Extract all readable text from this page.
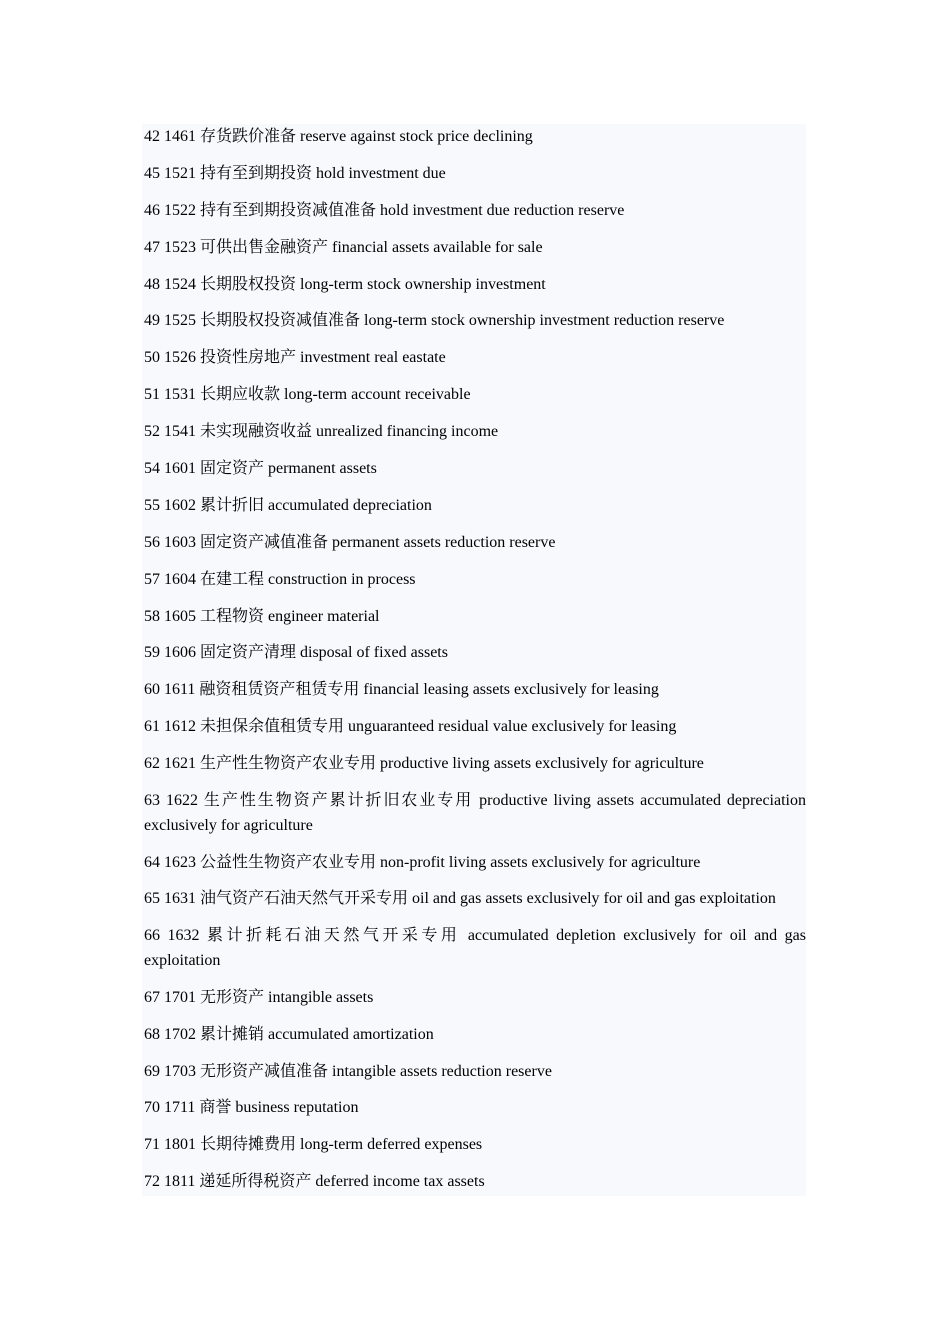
42 1461 存货跌价准备 reserve against stock price declining

45 1521 持有至到期投资 hold investment due

46 1522 持有至到期投资减值准备 hold investment due reduction reserve

47 1523 可供出售金融资产 financial assets available for sale

48 1524 长期股权投资 long-term stock ownership investment

49 1525 长期股权投资减值准备 long-term stock ownership investment reduction reserve

50 1526 投资性房地产 investment real eastate

51 1531 长期应收款 long-term account receivable

52 1541 未实现融资收益 unrealized financing income

54 1601 固定资产 permanent assets

55 1602 累计折旧 accumulated depreciation

56 1603 固定资产减值准备 permanent assets reduction reserve

57 1604 在建工程 construction in process

58 1605 工程物资 engineer material

59 1606 固定资产清理 disposal of fixed assets

60 1611 融资租赁资产租赁专用 financial leasing assets exclusively for leasing

61 1612 未担保余值租赁专用 unguaranteed residual value exclusively for leasing

62 1621 生产性生物资产农业专用 productive living assets exclusively for agriculture

63 1622 生产性生物资产累计折旧农业专用 productive living assets accumulated depreciation exclusively for agriculture

64 1623 公益性生物资产农业专用 non-profit living assets exclusively for agriculture

65 1631 油气资产石油天然气开采专用 oil and gas assets exclusively for oil and gas exploitation

66 1632 累计折耗石油天然气开采专用 accumulated depletion exclusively for oil and gas exploitation

67 1701 无形资产 intangible assets

68 1702 累计摊销 accumulated amortization

69 1703 无形资产减值准备 intangible assets reduction reserve

70 1711 商誉 business reputation

71 1801 长期待摊费用 long-term deferred expenses

72 1811 递延所得税资产 deferred income tax assets
